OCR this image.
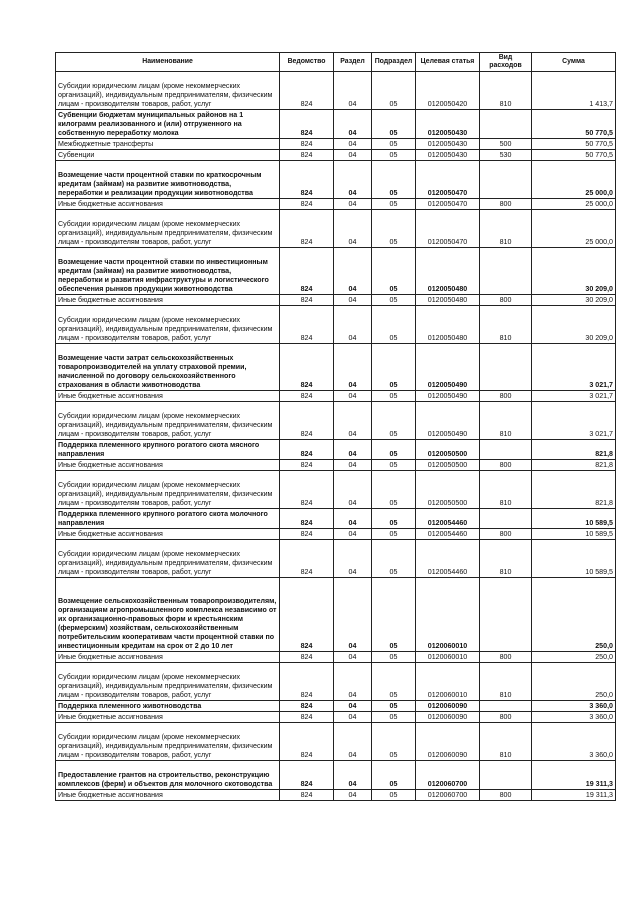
Наименование	Ведомство	Раздел	Подраздел	Целевая статья	Вид расходов	Сумма
Субсидии юридическим лицам (кроме некоммерческих организаций), индивидуальным предпринимателям, физическим лицам - производителям товаров, работ, услуг	824	04	05	0120050420	810	1 413,7
Субвенции бюджетам муниципальных районов на 1 килограмм реализованного и (или) отгруженного на собственную переработку молока	824	04	05	0120050430		50 770,5
Межбюджетные трансферты	824	04	05	0120050430	500	50 770,5
Субвенции	824	04	05	0120050430	530	50 770,5
Возмещение части процентной ставки по краткосрочным кредитам (займам) на развитие животноводства, переработки и реализации продукции животноводства	824	04	05	0120050470		25 000,0
Иные бюджетные ассигнования	824	04	05	0120050470	800	25 000,0
Субсидии юридическим лицам (кроме некоммерческих организаций), индивидуальным предпринимателям, физическим лицам - производителям товаров, работ, услуг	824	04	05	0120050470	810	25 000,0
Возмещение части процентной ставки по инвестиционным кредитам (займам) на развитие животноводства, переработки и развития инфраструктуры и логистического обеспечения рынков продукции животноводства	824	04	05	0120050480		30 209,0
Иные бюджетные ассигнования	824	04	05	0120050480	800	30 209,0
Субсидии юридическим лицам (кроме некоммерческих организаций), индивидуальным предпринимателям, физическим лицам - производителям товаров, работ, услуг	824	04	05	0120050480	810	30 209,0
Возмещение части затрат сельскохозяйственных товаропроизводителей на уплату страховой премии, начисленной по договору сельскохозяйственного страхования в области животноводства	824	04	05	0120050490		3 021,7
Иные бюджетные ассигнования	824	04	05	0120050490	800	3 021,7
Субсидии юридическим лицам (кроме некоммерческих организаций), индивидуальным предпринимателям, физическим лицам - производителям товаров, работ, услуг	824	04	05	0120050490	810	3 021,7
Поддержка племенного крупного рогатого скота мясного направления	824	04	05	0120050500		821,8
Иные бюджетные ассигнования	824	04	05	0120050500	800	821,8
Субсидии юридическим лицам (кроме некоммерческих организаций), индивидуальным предпринимателям, физическим лицам - производителям товаров, работ, услуг	824	04	05	0120050500	810	821,8
Поддержка племенного крупного рогатого скота молочного направления	824	04	05	0120054460		10 589,5
Иные бюджетные ассигнования	824	04	05	0120054460	800	10 589,5
Субсидии юридическим лицам (кроме некоммерческих организаций), индивидуальным предпринимателям, физическим лицам - производителям товаров, работ, услуг	824	04	05	0120054460	810	10 589,5
Возмещение сельскохозяйственным товаропроизводителям, организациям агропромышленного комплекса независимо от их организационно-правовых форм и крестьянским (фермерским) хозяйствам, сельскохозяйственным потребительским кооперативам части процентной ставки по инвестиционным кредитам на срок от 2 до 10 лет	824	04	05	0120060010		250,0
Иные бюджетные ассигнования	824	04	05	0120060010	800	250,0
Субсидии юридическим лицам (кроме некоммерческих организаций), индивидуальным предпринимателям, физическим лицам - производителям товаров, работ, услуг	824	04	05	0120060010	810	250,0
Поддержка племенного животноводства	824	04	05	0120060090		3 360,0
Иные бюджетные ассигнования	824	04	05	0120060090	800	3 360,0
Субсидии юридическим лицам (кроме некоммерческих организаций), индивидуальным предпринимателям, физическим лицам - производителям товаров, работ, услуг	824	04	05	0120060090	810	3 360,0
Предоставление грантов на строительство, реконструкцию комплексов (ферм) и объектов для молочного скотоводства	824	04	05	0120060700		19 311,3
Иные бюджетные ассигнования	824	04	05	0120060700	800	19 311,3
